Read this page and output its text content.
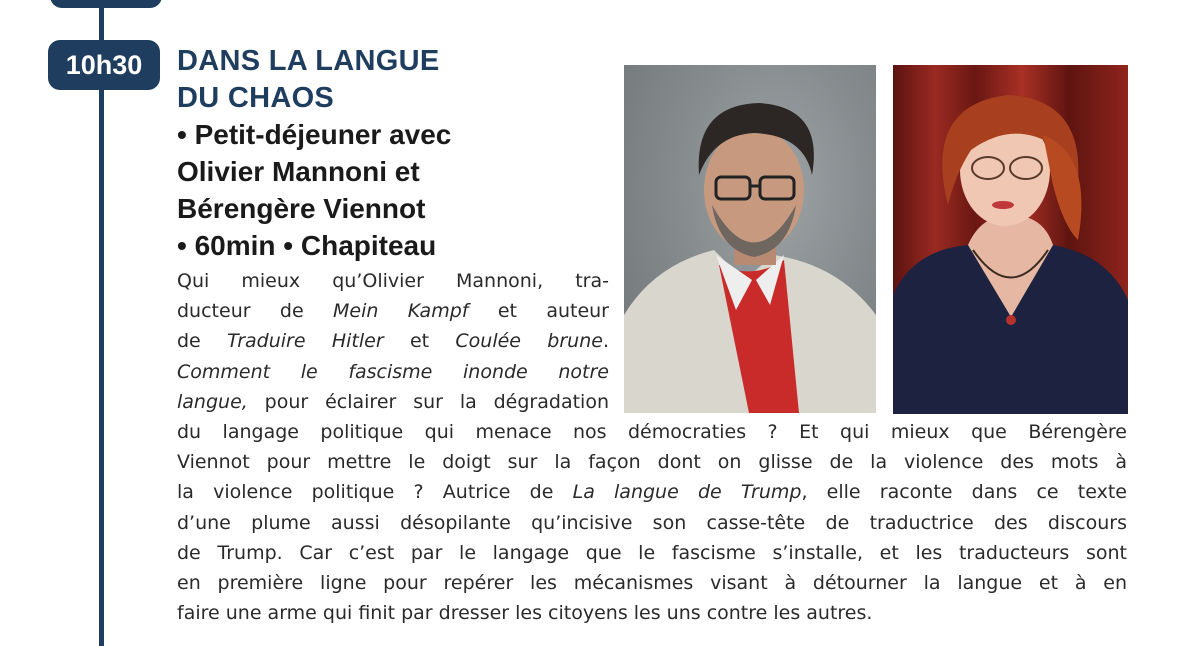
10h30	DANS LA LANGUE
DU CHAOS
• Petit-déjeuner avec
Olivier Mannoni et
Bérengère Viennot
• 60min • Chapiteau
Qui mieux qu’Olivier Mannoni, tra-
ducteur de Mein Kampf et auteur
de Traduire Hitler et Coulée brune.
Comment le fascisme inonde notre
langue, pour éclairer sur la dégradation
du langage politique qui menace nos démocraties ? Et qui mieux que Bérengère
Viennot pour mettre le doigt sur la façon dont on glisse de la violence des mots à
la violence politique ? Autrice de La langue de Trump, elle raconte dans ce texte
d’une plume aussi désopilante qu’incisive son casse-tête de traductrice des discours
de Trump. Car c’est par le langage que le fascisme s’installe, et les traducteurs sont
en première ligne pour repérer les mécanismes visant à détourner la langue et à en
faire une arme qui finit par dresser les citoyens les uns contre les autres.
